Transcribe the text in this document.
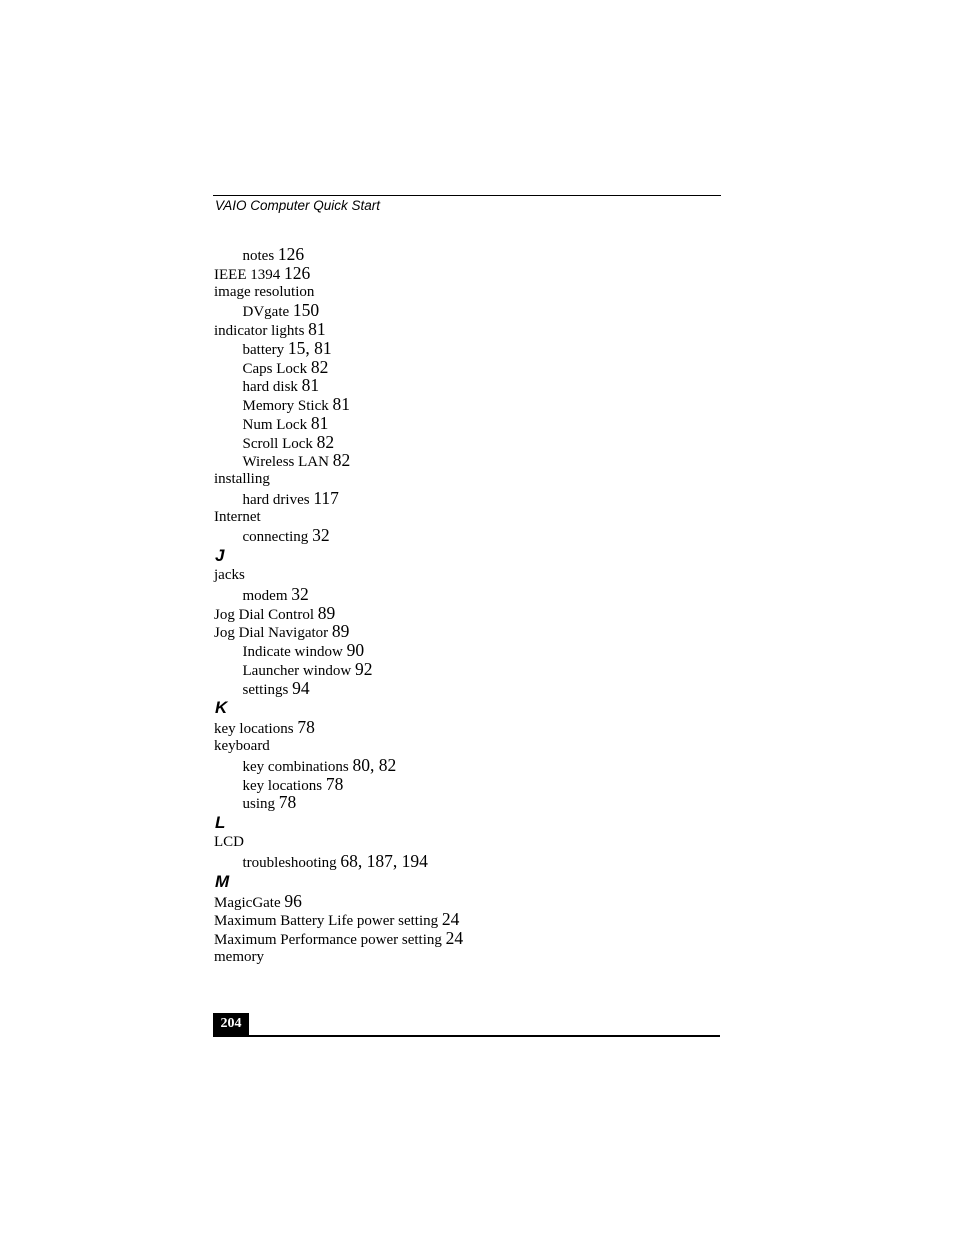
VAIO Computer Quick Start
notes 126
IEEE 1394 126
image resolution
DVgate 150
indicator lights 81
battery 15, 81
Caps Lock 82
hard disk 81
Memory Stick 81
Num Lock 81
Scroll Lock 82
Wireless LAN 82
installing
hard drives 117
Internet
connecting 32
J
jacks
modem 32
Jog Dial Control 89
Jog Dial Navigator 89
Indicate window 90
Launcher window 92
settings 94
K
key locations 78
keyboard
key combinations 80, 82
key locations 78
using 78
L
LCD
troubleshooting 68, 187, 194
M
MagicGate 96
Maximum Battery Life power setting 24
Maximum Performance power setting 24
memory
204
